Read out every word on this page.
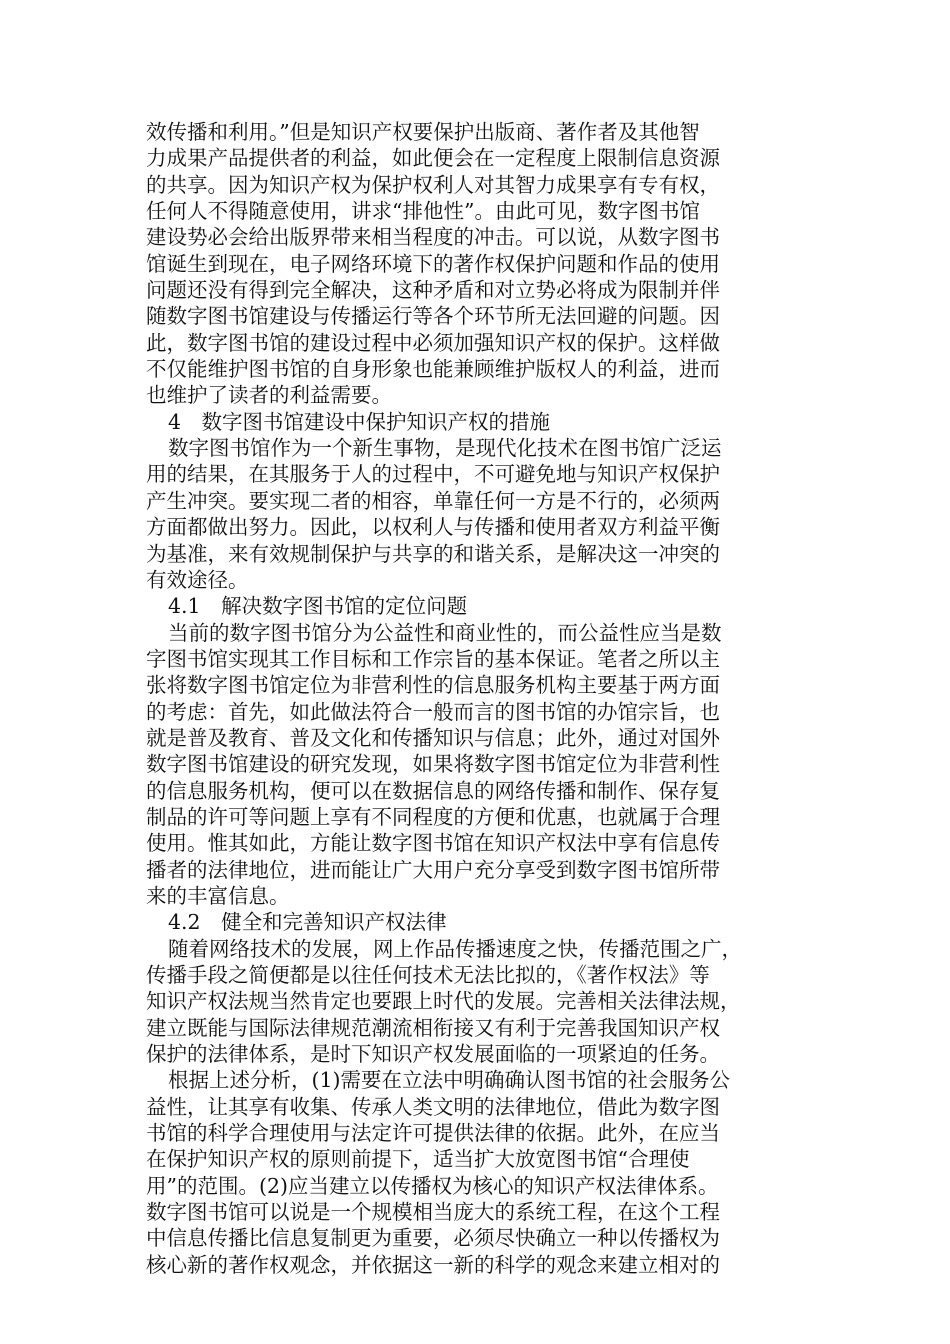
效传播和利用。”但是知识产权要保护出版商、著作者及其他智
力成果产品提供者的利益，如此便会在一定程度上限制信息资源
的共享。因为知识产权为保护权利人对其智力成果享有专有权，
任何人不得随意使用，讲求“排他性”。由此可见，数字图书馆
建设势必会给出版界带来相当程度的冲击。可以说，从数字图书
馆诞生到现在，电子网络环境下的著作权保护问题和作品的使用
问题还没有得到完全解决，这种矛盾和对立势必将成为限制并伴
随数字图书馆建设与传播运行等各个环节所无法回避的问题。因
此，数字图书馆的建设过程中必须加强知识产权的保护。这样做
不仅能维护图书馆的自身形象也能兼顾维护版权人的利益，进而
也维护了读者的利益需要。
4　数字图书馆建设中保护知识产权的措施
数字图书馆作为一个新生事物，是现代化技术在图书馆广泛运
用的结果，在其服务于人的过程中，不可避免地与知识产权保护
产生冲突。要实现二者的相容，单靠任何一方是不行的，必须两
方面都做出努力。因此，以权利人与传播和使用者双方利益平衡
为基准，来有效规制保护与共享的和谐关系，是解决这一冲突的
有效途径。
4.1　解决数字图书馆的定位问题
当前的数字图书馆分为公益性和商业性的，而公益性应当是数
字图书馆实现其工作目标和工作宗旨的基本保证。笔者之所以主
张将数字图书馆定位为非营利性的信息服务机构主要基于两方面
的考虑：首先，如此做法符合一般而言的图书馆的办馆宗旨，也
就是普及教育、普及文化和传播知识与信息；此外，通过对国外
数字图书馆建设的研究发现，如果将数字图书馆定位为非营利性
的信息服务机构，便可以在数据信息的网络传播和制作、保存复
制品的许可等问题上享有不同程度的方便和优惠，也就属于合理
使用。惟其如此，方能让数字图书馆在知识产权法中享有信息传
播者的法律地位，进而能让广大用户充分享受到数字图书馆所带
来的丰富信息。
4.2　健全和完善知识产权法律
随着网络技术的发展，网上作品传播速度之快，传播范围之广，
传播手段之简便都是以往任何技术无法比拟的，《著作权法》等
知识产权法规当然肯定也要跟上时代的发展。完善相关法律法规，
建立既能与国际法律规范潮流相衔接又有利于完善我国知识产权
保护的法律体系，是时下知识产权发展面临的一项紧迫的任务。
根据上述分析，(1)需要在立法中明确确认图书馆的社会服务公
益性，让其享有收集、传承人类文明的法律地位，借此为数字图
书馆的科学合理使用与法定许可提供法律的依据。此外，在应当
在保护知识产权的原则前提下，适当扩大放宽图书馆“合理使
用”的范围。(2)应当建立以传播权为核心的知识产权法律体系。
数字图书馆可以说是一个规模相当庞大的系统工程，在这个工程
中信息传播比信息复制更为重要，必须尽快确立一种以传播权为
核心新的著作权观念，并依据这一新的科学的观念来建立相对的
